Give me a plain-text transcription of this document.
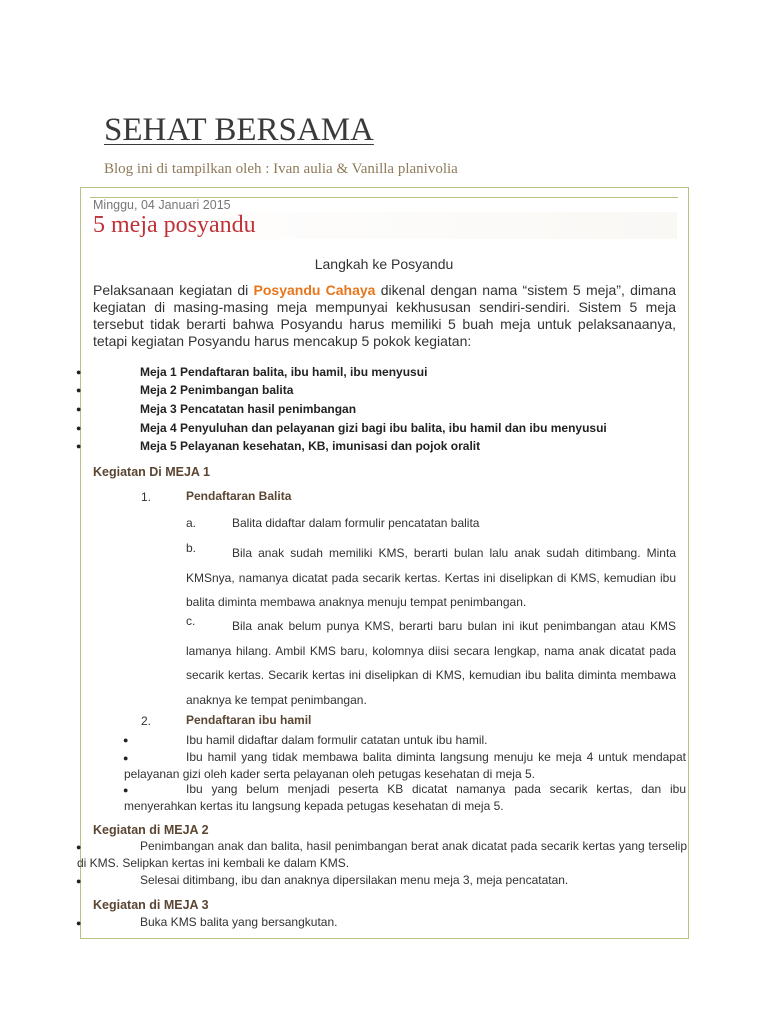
SEHAT BERSAMA
Blog ini di tampilkan oleh : Ivan aulia & Vanilla planivolia
Minggu, 04 Januari 2015
5 meja posyandu
Langkah ke Posyandu
Pelaksanaan kegiatan di Posyandu Cahaya dikenal dengan nama “sistem 5 meja”, dimana kegiatan di masing-masing meja mempunyai kekhususan sendiri-sendiri. Sistem 5 meja tersebut tidak berarti bahwa Posyandu harus memiliki 5 buah meja untuk pelaksanaanya, tetapi kegiatan Posyandu harus mencakup 5 pokok kegiatan:
●	Meja 1 Pendaftaran balita, ibu hamil, ibu menyusui
●	Meja 2 Penimbangan balita
●	Meja 3 Pencatatan hasil penimbangan
●	Meja 4 Penyuluhan dan pelayanan gizi bagi ibu balita, ibu hamil dan ibu menyusui
●	Meja 5 Pelayanan kesehatan, KB, imunisasi dan pojok oralit
Kegiatan Di MEJA 1
1.	Pendaftaran Balita
a.	Balita didaftar dalam formulir pencatatan balita
b.	Bila anak sudah memiliki KMS, berarti bulan lalu anak sudah ditimbang. Minta KMSnya, namanya dicatat pada secarik kertas. Kertas ini diselipkan di KMS, kemudian ibu balita diminta membawa anaknya menuju tempat penimbangan.
c.	Bila anak belum punya KMS, berarti baru bulan ini ikut penimbangan atau KMS lamanya hilang. Ambil KMS baru, kolomnya diisi secara lengkap, nama anak dicatat pada secarik kertas. Secarik kertas ini diselipkan di KMS, kemudian ibu balita diminta membawa anaknya ke tempat penimbangan.
2.	Pendaftaran ibu hamil
●	Ibu hamil didaftar dalam formulir catatan untuk ibu hamil.
●	Ibu hamil yang tidak membawa balita diminta langsung menuju ke meja 4 untuk mendapat pelayanan gizi oleh kader serta pelayanan oleh petugas kesehatan di meja 5.
●	Ibu yang belum menjadi peserta KB dicatat namanya pada secarik kertas, dan ibu menyerahkan kertas itu langsung kepada petugas kesehatan di meja 5.
Kegiatan di MEJA 2
●	Penimbangan anak dan balita, hasil penimbangan berat anak dicatat pada secarik kertas yang terselip di KMS. Selipkan kertas ini kembali ke dalam KMS.
●	Selesai ditimbang, ibu dan anaknya dipersilakan menu meja 3, meja pencatatan.
Kegiatan di MEJA 3
●	Buka KMS balita yang bersangkutan.
